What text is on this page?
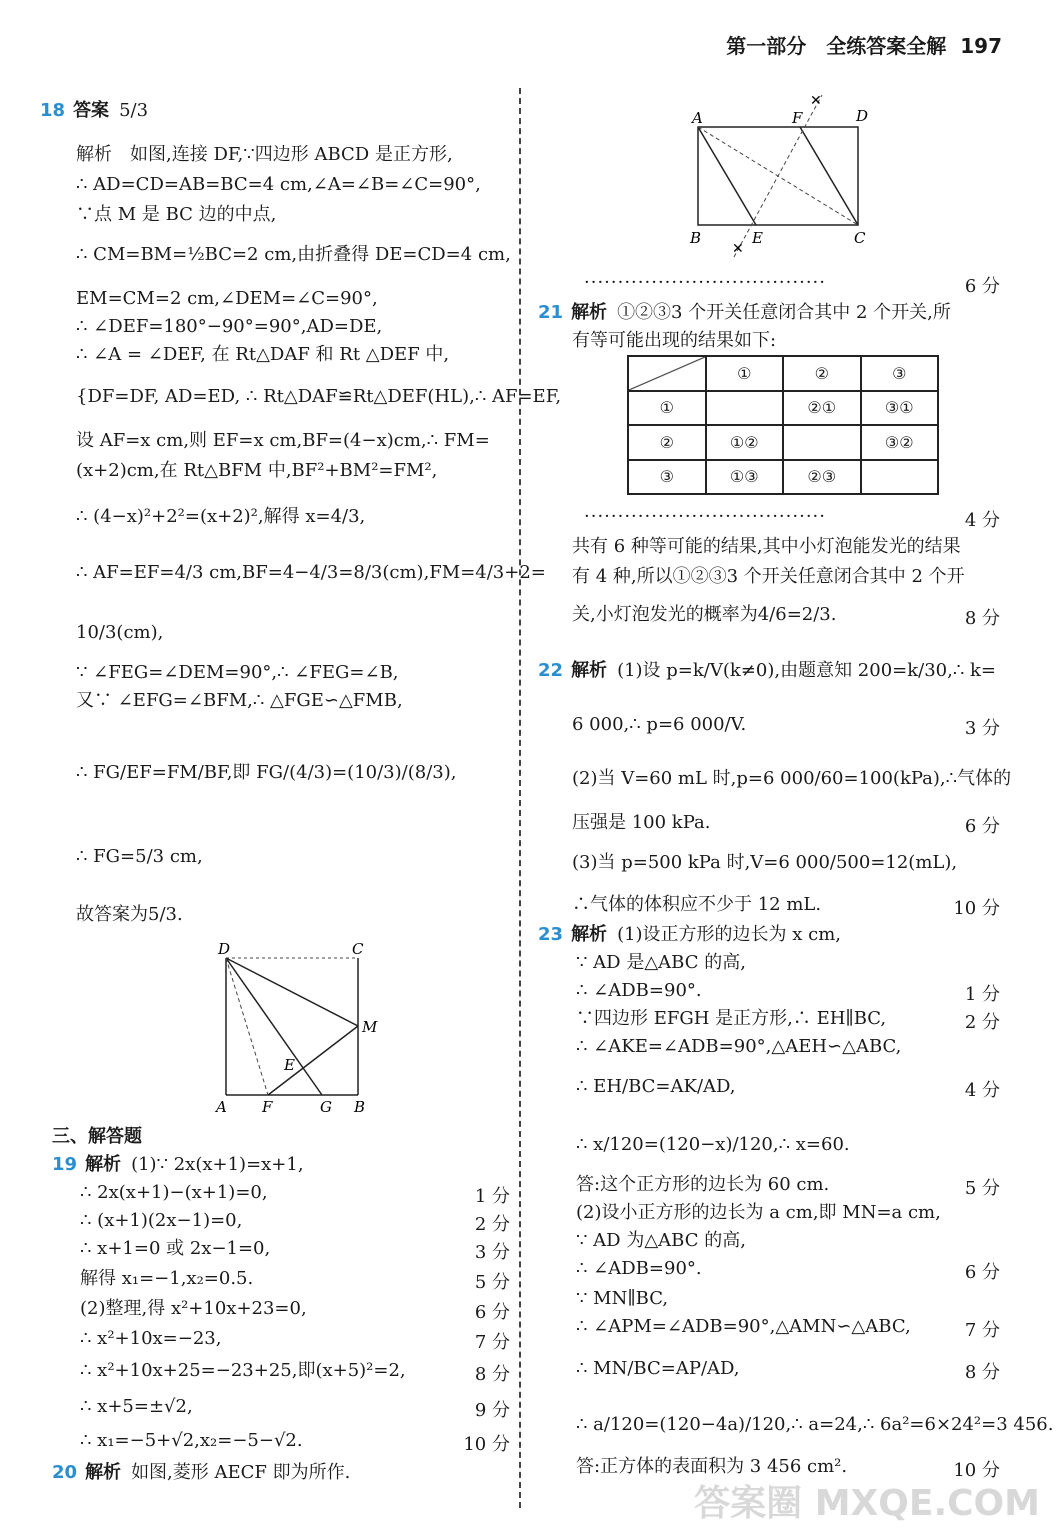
第一部分　全练答案全解 197
18 答案 5/3
解析　如图,连接 DF,∵四边形 ABCD 是正方形,
∴ AD=CD=AB=BC=4 cm,∠A=∠B=∠C=90°,
∵点 M 是 BC 边的中点,
∴ CM=BM=½BC=2 cm,由折叠得 DE=CD=4 cm,
EM=CM=2 cm,∠DEM=∠C=90°,
∴ ∠DEF=180°−90°=90°,AD=DE,
∴ ∠A = ∠DEF, 在 Rt△DAF 和 Rt △DEF 中,
{DF=DF, AD=ED, ∴ Rt△DAF≌Rt△DEF(HL),∴ AF=EF,
设 AF=x cm,则 EF=x cm,BF=(4−x)cm,∴ FM=
(x+2)cm,在 Rt△BFM 中,BF²+BM²=FM²,
∴ (4−x)²+2²=(x+2)²,解得 x=4/3,
∴ AF=EF=4/3 cm,BF=4−4/3=8/3(cm),FM=4/3+2=
10/3(cm),
∵ ∠FEG=∠DEM=90°,∴ ∠FEG=∠B,
又∵ ∠EFG=∠BFM,∴ △FGE∽△FMB,
∴ FG/EF=FM/BF,即 FG/(4/3)=(10/3)/(8/3),
∴ FG=5/3 cm,
故答案为5/3.
D	C
M
E
A F	G B
三、解答题
19 解析 (1)∵ 2x(x+1)=x+1,
∴ 2x(x+1)−(x+1)=0,	1 分
∴ (x+1)(2x−1)=0,	2 分
∴ x+1=0 或 2x−1=0,	3 分
解得 x₁=−1,x₂=0.5.	5 分
(2)整理,得 x²+10x+23=0,	6 分
∴ x²+10x=−23,	7 分
∴ x²+10x+25=−23+25,即(x+5)²=2,	8 分
∴ x+5=±√2,	9 分
∴ x₁=−5+√2,x₂=−5−√2.	10 分
20 解析 如图,菱形 AECF 即为所作.
✕
✕
A	F	D
B	E	C
····································	6 分
21 解析 ①②③3 个开关任意闭合其中 2 个开关,所
有等可能出现的结果如下:
	①	②	③
①		②①	③①
②	①②		③②
③	①③	②③	
····································	4 分
共有 6 种等可能的结果,其中小灯泡能发光的结果
有 4 种,所以①②③3 个开关任意闭合其中 2 个开
关,小灯泡发光的概率为4/6=2/3.	8 分
22 解析 (1)设 p=k/V(k≠0),由题意知 200=k/30,∴ k=
6 000,∴ p=6 000/V.	3 分
(2)当 V=60 mL 时,p=6 000/60=100(kPa),∴气体的
压强是 100 kPa.	6 分
(3)当 p=500 kPa 时,V=6 000/500=12(mL),
∴气体的体积应不少于 12 mL.	10 分
23 解析 (1)设正方形的边长为 x cm,
∵ AD 是△ABC 的高,
∴ ∠ADB=90°.	1 分
∵四边形 EFGH 是正方形,∴ EH∥BC,	2 分
∴ ∠AKE=∠ADB=90°,△AEH∽△ABC,
∴ EH/BC=AK/AD,	4 分
∴ x/120=(120−x)/120,∴ x=60.
答:这个正方形的边长为 60 cm.	5 分
(2)设小正方形的边长为 a cm,即 MN=a cm,
∵ AD 为△ABC 的高,
∴ ∠ADB=90°.	6 分
∵ MN∥BC,
∴ ∠APM=∠ADB=90°,△AMN∽△ABC,	7 分
∴ MN/BC=AP/AD,	8 分
∴ a/120=(120−4a)/120,∴ a=24,∴ 6a²=6×24²=3 456.
答:正方体的表面积为 3 456 cm².	10 分
答案圈 MXQE.COM
